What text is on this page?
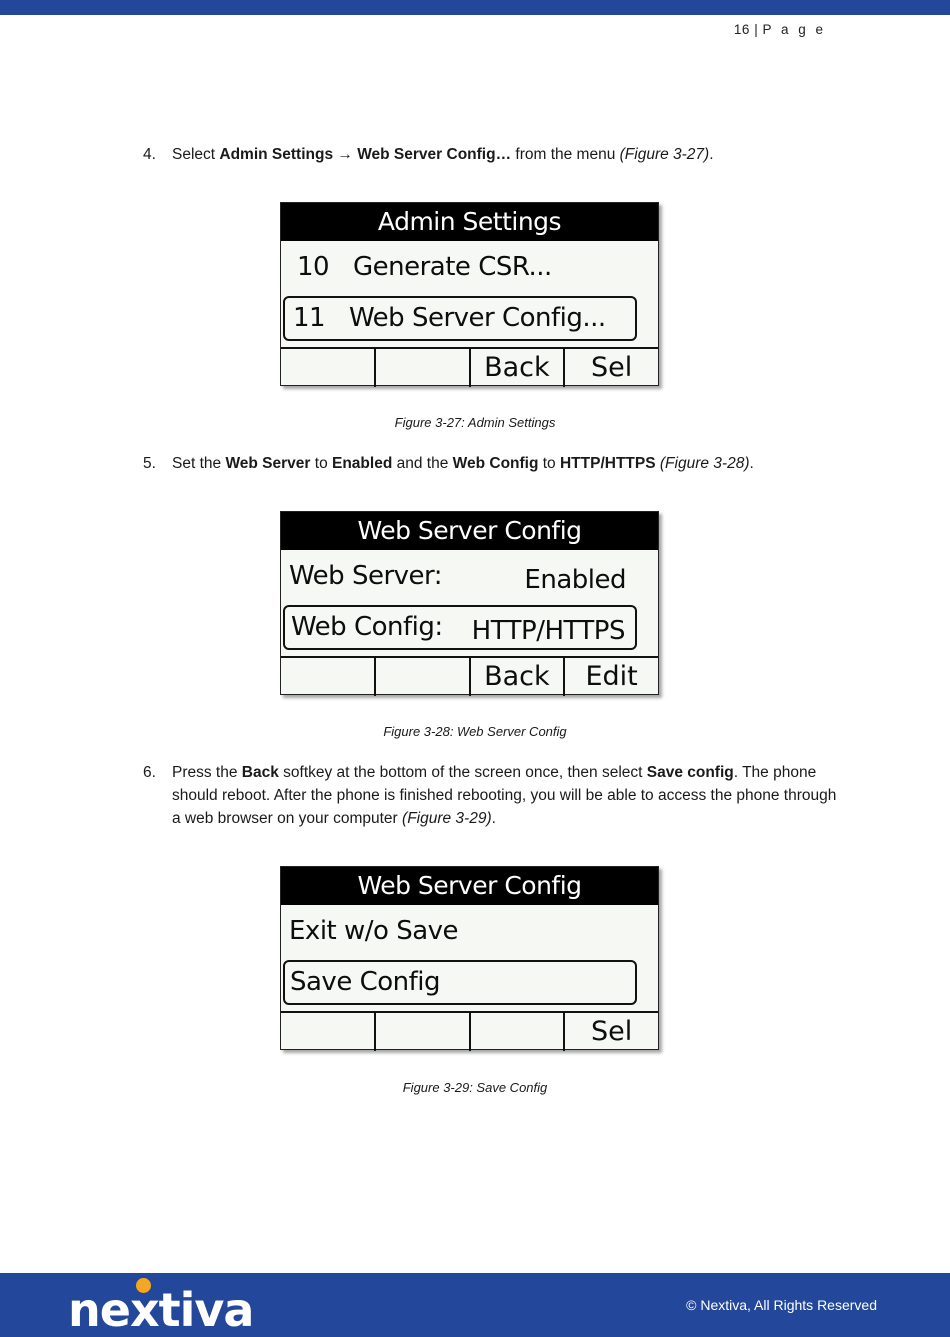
16 | P a g e
4.	Select Admin Settings → Web Server Config… from the menu (Figure 3-27).
Admin Settings
10 Generate CSR...
11 Web Server Config...
Back	Sel
Figure 3-27: Admin Settings
5.	Set the Web Server to Enabled and the Web Config to HTTP/HTTPS (Figure 3-28).
Web Server Config
Web Server:	Enabled
Web Config: HTTP/HTTPS
Back	Edit
Figure 3-28: Web Server Config
6.	Press the Back softkey at the bottom of the screen once, then select Save config. The phone should reboot. After the phone is finished rebooting, you will be able to access the phone through a web browser on your computer (Figure 3-29).
Web Server Config
Exit w/o Save
Save Config
Sel
Figure 3-29: Save Config
nextiva	© Nextiva, All Rights Reserved
